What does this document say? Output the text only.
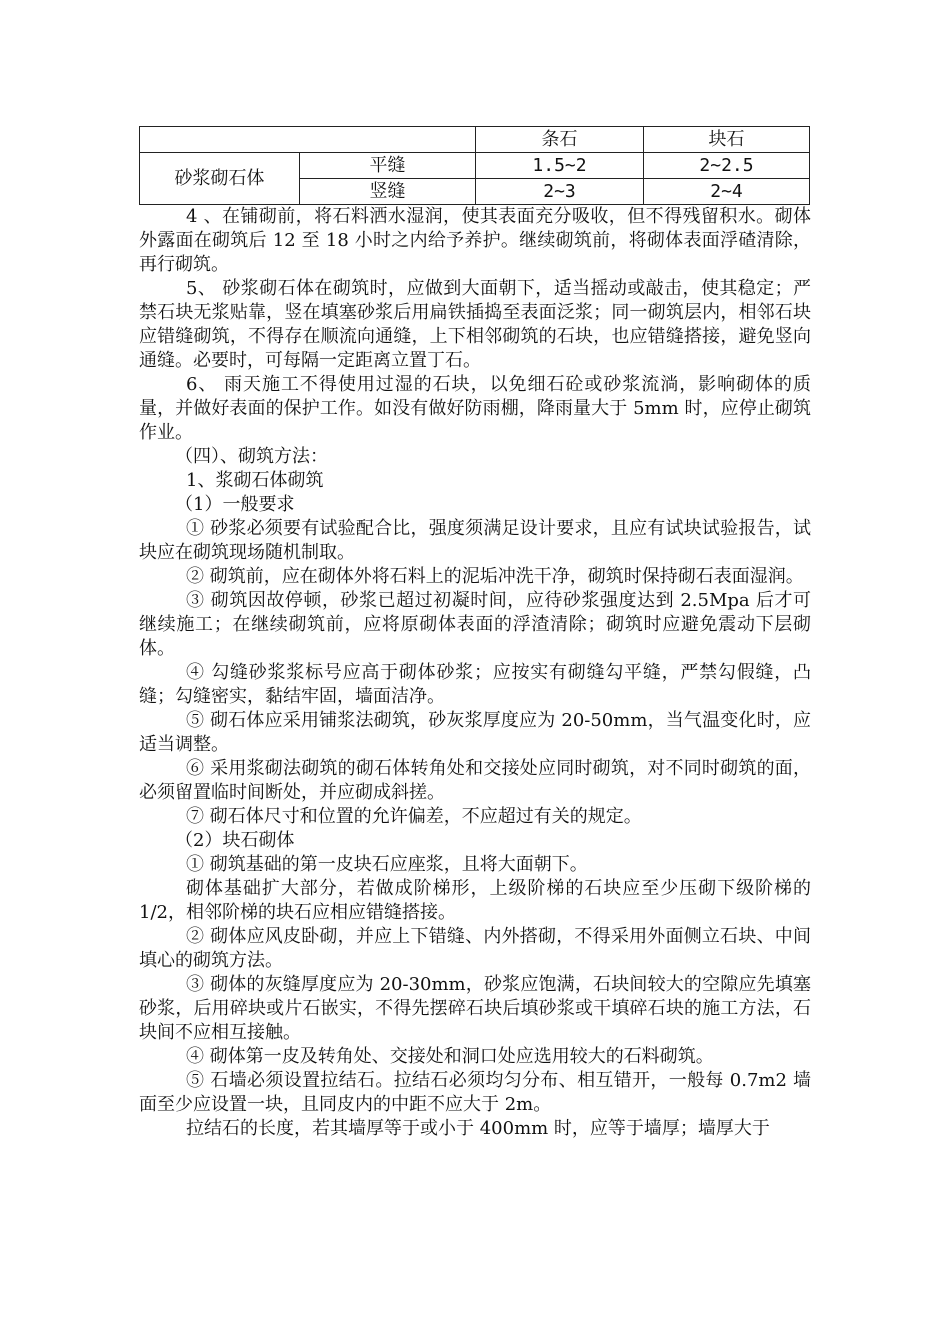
		条石	块石
砂浆砌石体	平缝	1.5~2	2~2.5
	竖缝	2~3	2~4

4 、在铺砌前，将石料洒水湿润，使其表面充分吸收，但不得残留积水。砌体外露面在砌筑后 12 至 18 小时之内给予养护。继续砌筑前，将砌体表面浮碴清除，再行砌筑。

5、 砂浆砌石体在砌筑时，应做到大面朝下，适当摇动或敲击，使其稳定；严禁石块无浆贴靠，竖在填塞砂浆后用扁铁插捣至表面泛浆；同一砌筑层内，相邻石块应错缝砌筑，不得存在顺流向通缝，上下相邻砌筑的石块，也应错缝搭接，避免竖向通缝。必要时，可每隔一定距离立置丁石。

6、 雨天施工不得使用过湿的石块，以免细石砼或砂浆流淌，影响砌体的质量，并做好表面的保护工作。如没有做好防雨棚，降雨量大于 5mm 时，应停止砌筑作业。

（四）、砌筑方法：

1、浆砌石体砌筑

（1）一般要求

① 砂浆必须要有试验配合比，强度须满足设计要求，且应有试块试验报告，试块应在砌筑现场随机制取。

② 砌筑前，应在砌体外将石料上的泥垢冲洗干净，砌筑时保持砌石表面湿润。

③ 砌筑因故停顿，砂浆已超过初凝时间，应待砂浆强度达到 2.5Mpa 后才可继续施工；在继续砌筑前，应将原砌体表面的浮渣清除；砌筑时应避免震动下层砌体。

④ 勾缝砂浆浆标号应高于砌体砂浆；应按实有砌缝勾平缝，严禁勾假缝，凸缝；勾缝密实，黏结牢固，墙面洁净。

⑤ 砌石体应采用铺浆法砌筑，砂灰浆厚度应为 20-50mm，当气温变化时，应适当调整。

⑥ 采用浆砌法砌筑的砌石体转角处和交接处应同时砌筑，对不同时砌筑的面，必须留置临时间断处，并应砌成斜搓。

⑦ 砌石体尺寸和位置的允许偏差，不应超过有关的规定。

（2）块石砌体

① 砌筑基础的第一皮块石应座浆，且将大面朝下。

砌体基础扩大部分，若做成阶梯形，上级阶梯的石块应至少压砌下级阶梯的 1/2，相邻阶梯的块石应相应错缝搭接。

② 砌体应风皮卧砌，并应上下错缝、内外搭砌，不得采用外面侧立石块、中间填心的砌筑方法。

③ 砌体的灰缝厚度应为 20-30mm，砂浆应饱满，石块间较大的空隙应先填塞砂浆，后用碎块或片石嵌实，不得先摆碎石块后填砂浆或干填碎石块的施工方法，石块间不应相互接触。

④ 砌体第一皮及转角处、交接处和洞口处应选用较大的石料砌筑。

⑤ 石墙必须设置拉结石。拉结石必须均匀分布、相互错开，一般每 0.7m2 墙面至少应设置一块，且同皮内的中距不应大于 2m。

拉结石的长度，若其墙厚等于或小于 400mm 时，应等于墙厚；墙厚大于
